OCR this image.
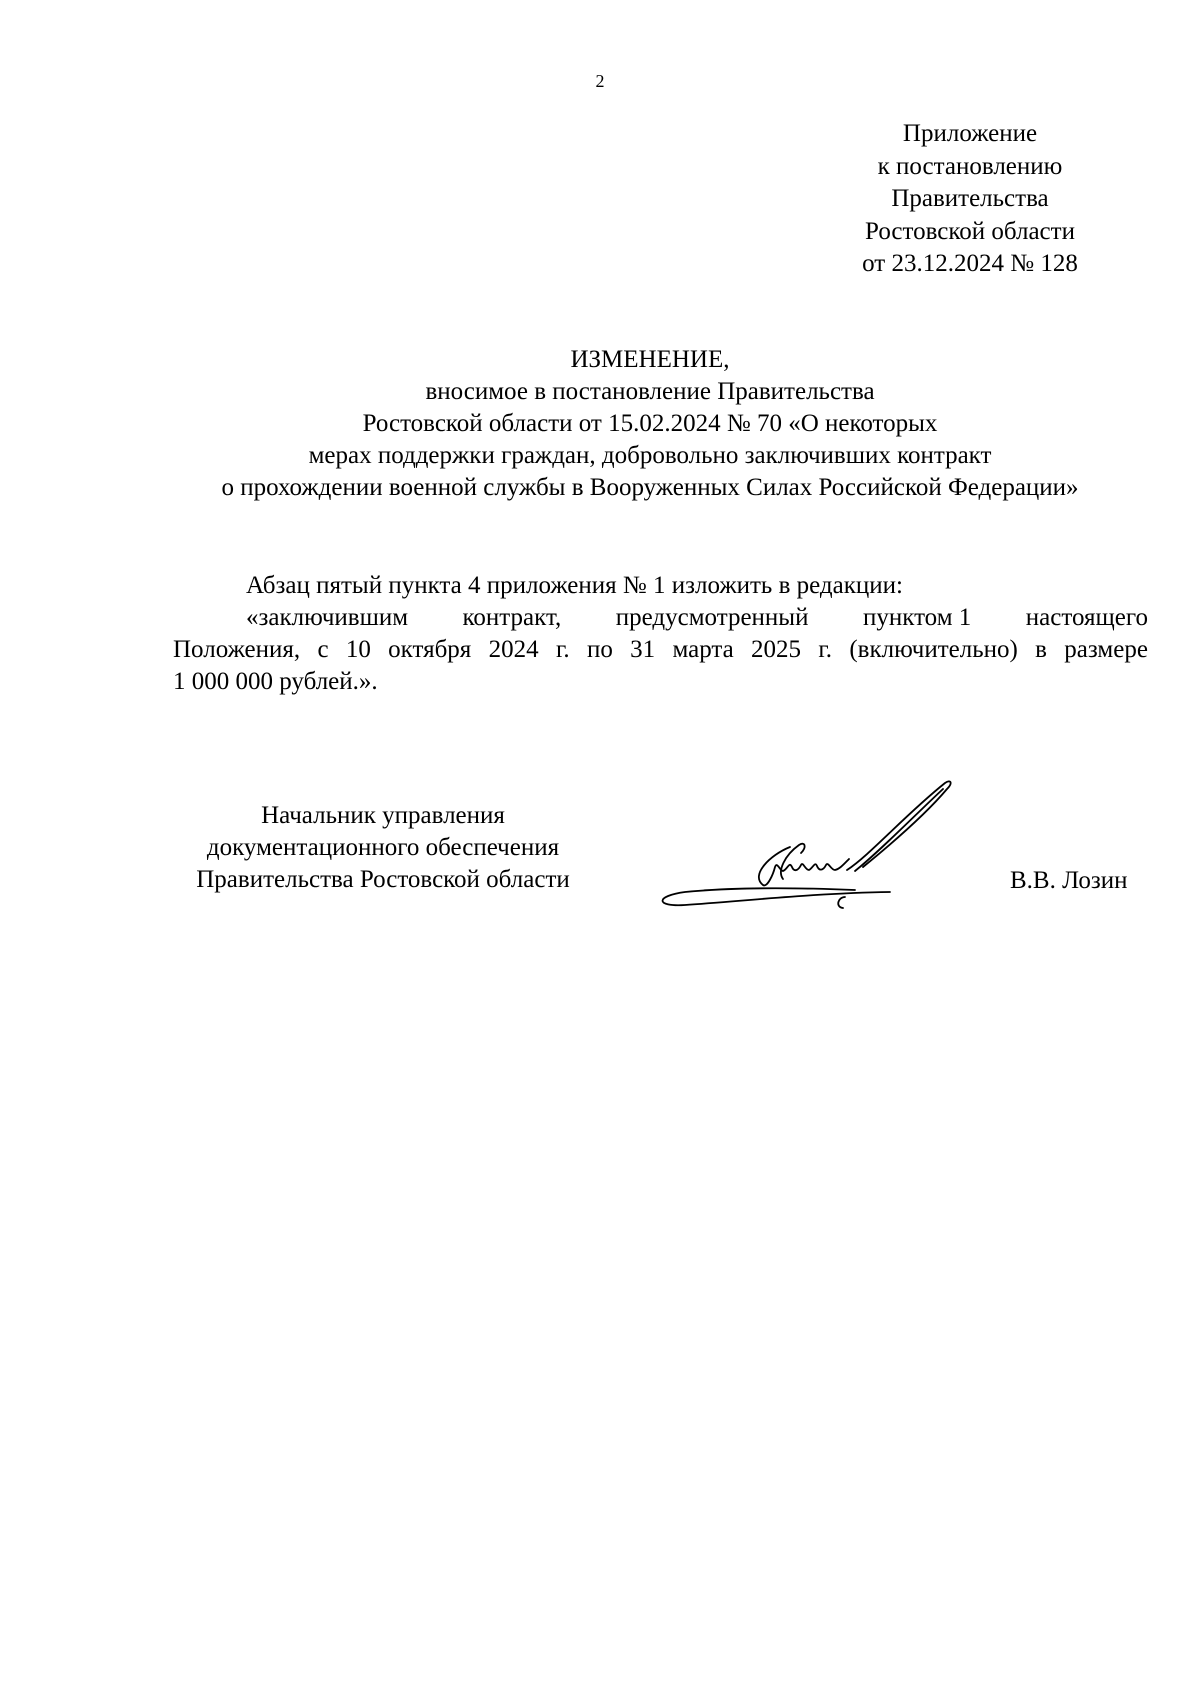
2
Приложение
к постановлению
Правительства
Ростовской области
от 23.12.2024 № 128
ИЗМЕНЕНИЕ,
вносимое в постановление Правительства
Ростовской области от 15.02.2024 № 70 «О некоторых
мерах поддержки граждан, добровольно заключивших контракт
о прохождении военной службы в Вооруженных Силах Российской Федерации»
Абзац пятый пункта 4 приложения № 1 изложить в редакции:
«заключившим контракт, предусмотренный пунктом 1 настоящего
Положения, с 10 октября 2024 г. по 31 марта 2025 г. (включительно) в размере
1 000 000 рублей.».
Начальник управления
документационного обеспечения
Правительства Ростовской области	В.В. Лозин
